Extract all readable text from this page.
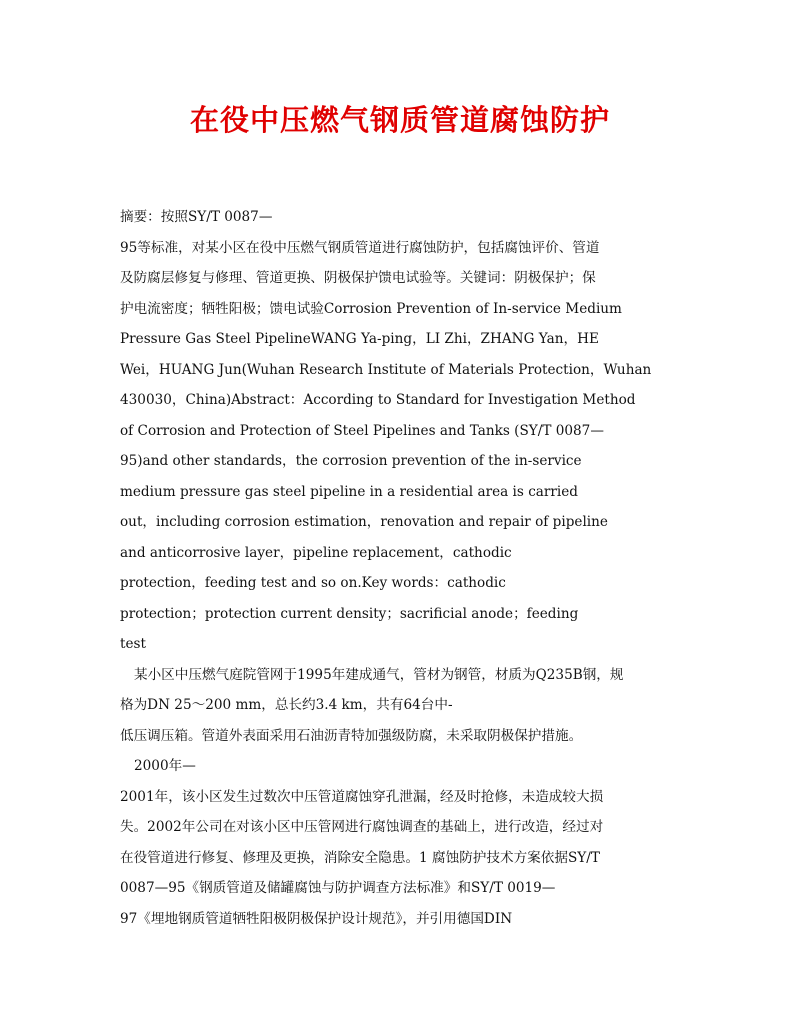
在役中压燃气钢质管道腐蚀防护
摘要：按照SY/T 0087—
95等标准，对某小区在役中压燃气钢质管道进行腐蚀防护，包括腐蚀评价、管道
及防腐层修复与修理、管道更换、阴极保护馈电试验等。关键词：阴极保护；保
护电流密度；牺牲阳极；馈电试验Corrosion Prevention of In-service Medium
Pressure Gas Steel PipelineWANG Ya-ping，LI Zhi，ZHANG Yan，HE
Wei，HUANG Jun(Wuhan Research Institute of Materials Protection，Wuhan
430030，China)Abstract：According to Standard for Investigation Method
of Corrosion and Protection of Steel Pipelines and Tanks (SY/T 0087—
95)and other standards，the corrosion prevention of the in-service
medium pressure gas steel pipeline in a residential area is carried
out，including corrosion estimation，renovation and repair of pipeline
and anticorrosive layer，pipeline replacement，cathodic
protection，feeding test and so on.Key words：cathodic
protection；protection current density；sacrificial anode；feeding
test
某小区中压燃气庭院管网于1995年建成通气，管材为钢管，材质为Q235B钢，规
格为DN 25～200 mm，总长约3.4 km，共有64台中-
低压调压箱。管道外表面采用石油沥青特加强级防腐，未采取阴极保护措施。
2000年—
2001年，该小区发生过数次中压管道腐蚀穿孔泄漏，经及时抢修，未造成较大损
失。2002年公司在对该小区中压管网进行腐蚀调查的基础上，进行改造，经过对
在役管道进行修复、修理及更换，消除安全隐患。1 腐蚀防护技术方案依据SY/T
0087—95《钢质管道及储罐腐蚀与防护调查方法标准》和SY/T 0019—
97《埋地钢质管道牺牲阳极阴极保护设计规范》，并引用德国DIN
